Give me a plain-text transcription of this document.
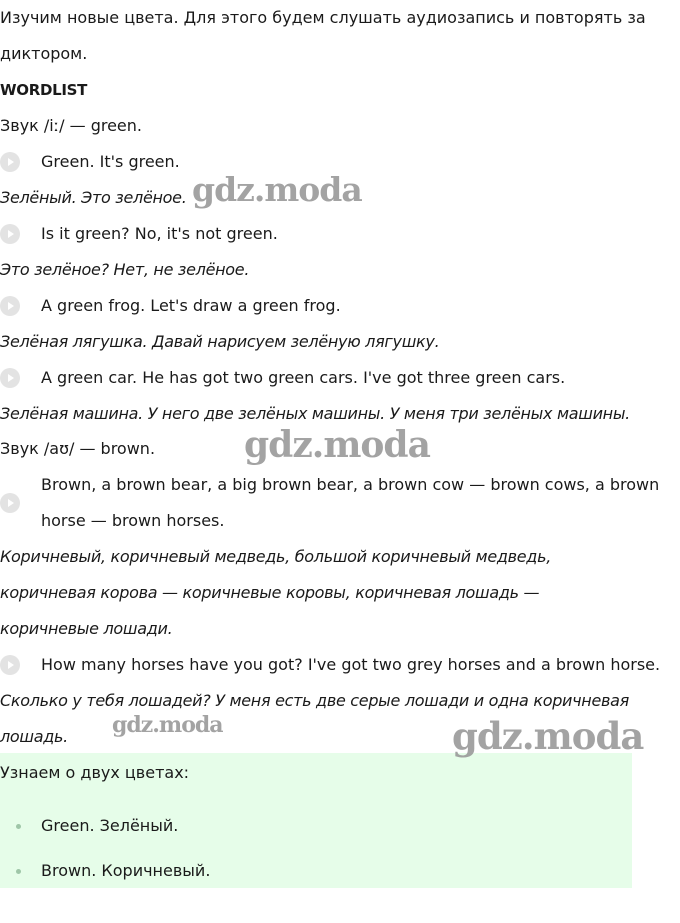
Изучим новые цвета. Для этого будем слушать аудиозапись и повторять за
диктором.
WORDLIST
Звук /iː/ — green.
Green. It's green.
Зелёный. Это зелёное.
Is it green? No, it's not green.
Это зелёное? Нет, не зелёное.
A green frog. Let's draw a green frog.
Зелёная лягушка. Давай нарисуем зелёную лягушку.
A green car. He has got two green cars. I've got three green cars.
Зелёная машина. У него две зелёных машины. У меня три зелёных машины.
Звук /aʊ/ — brown.
Brown, a brown bear, a big brown bear, a brown cow — brown cows, a brown
horse — brown horses.
Коричневый, коричневый медведь, большой коричневый медведь,
коричневая корова — коричневые коровы, коричневая лошадь —
коричневые лошади.
How many horses have you got? I've got two grey horses and a brown horse.
Сколько у тебя лошадей? У меня есть две серые лошади и одна коричневая
лошадь.
gdz.moda
gdz.moda
gdz.moda
Узнаем о двух цветах:
Green. Зелёный.
Brown. Коричневый.
gdz.moda
